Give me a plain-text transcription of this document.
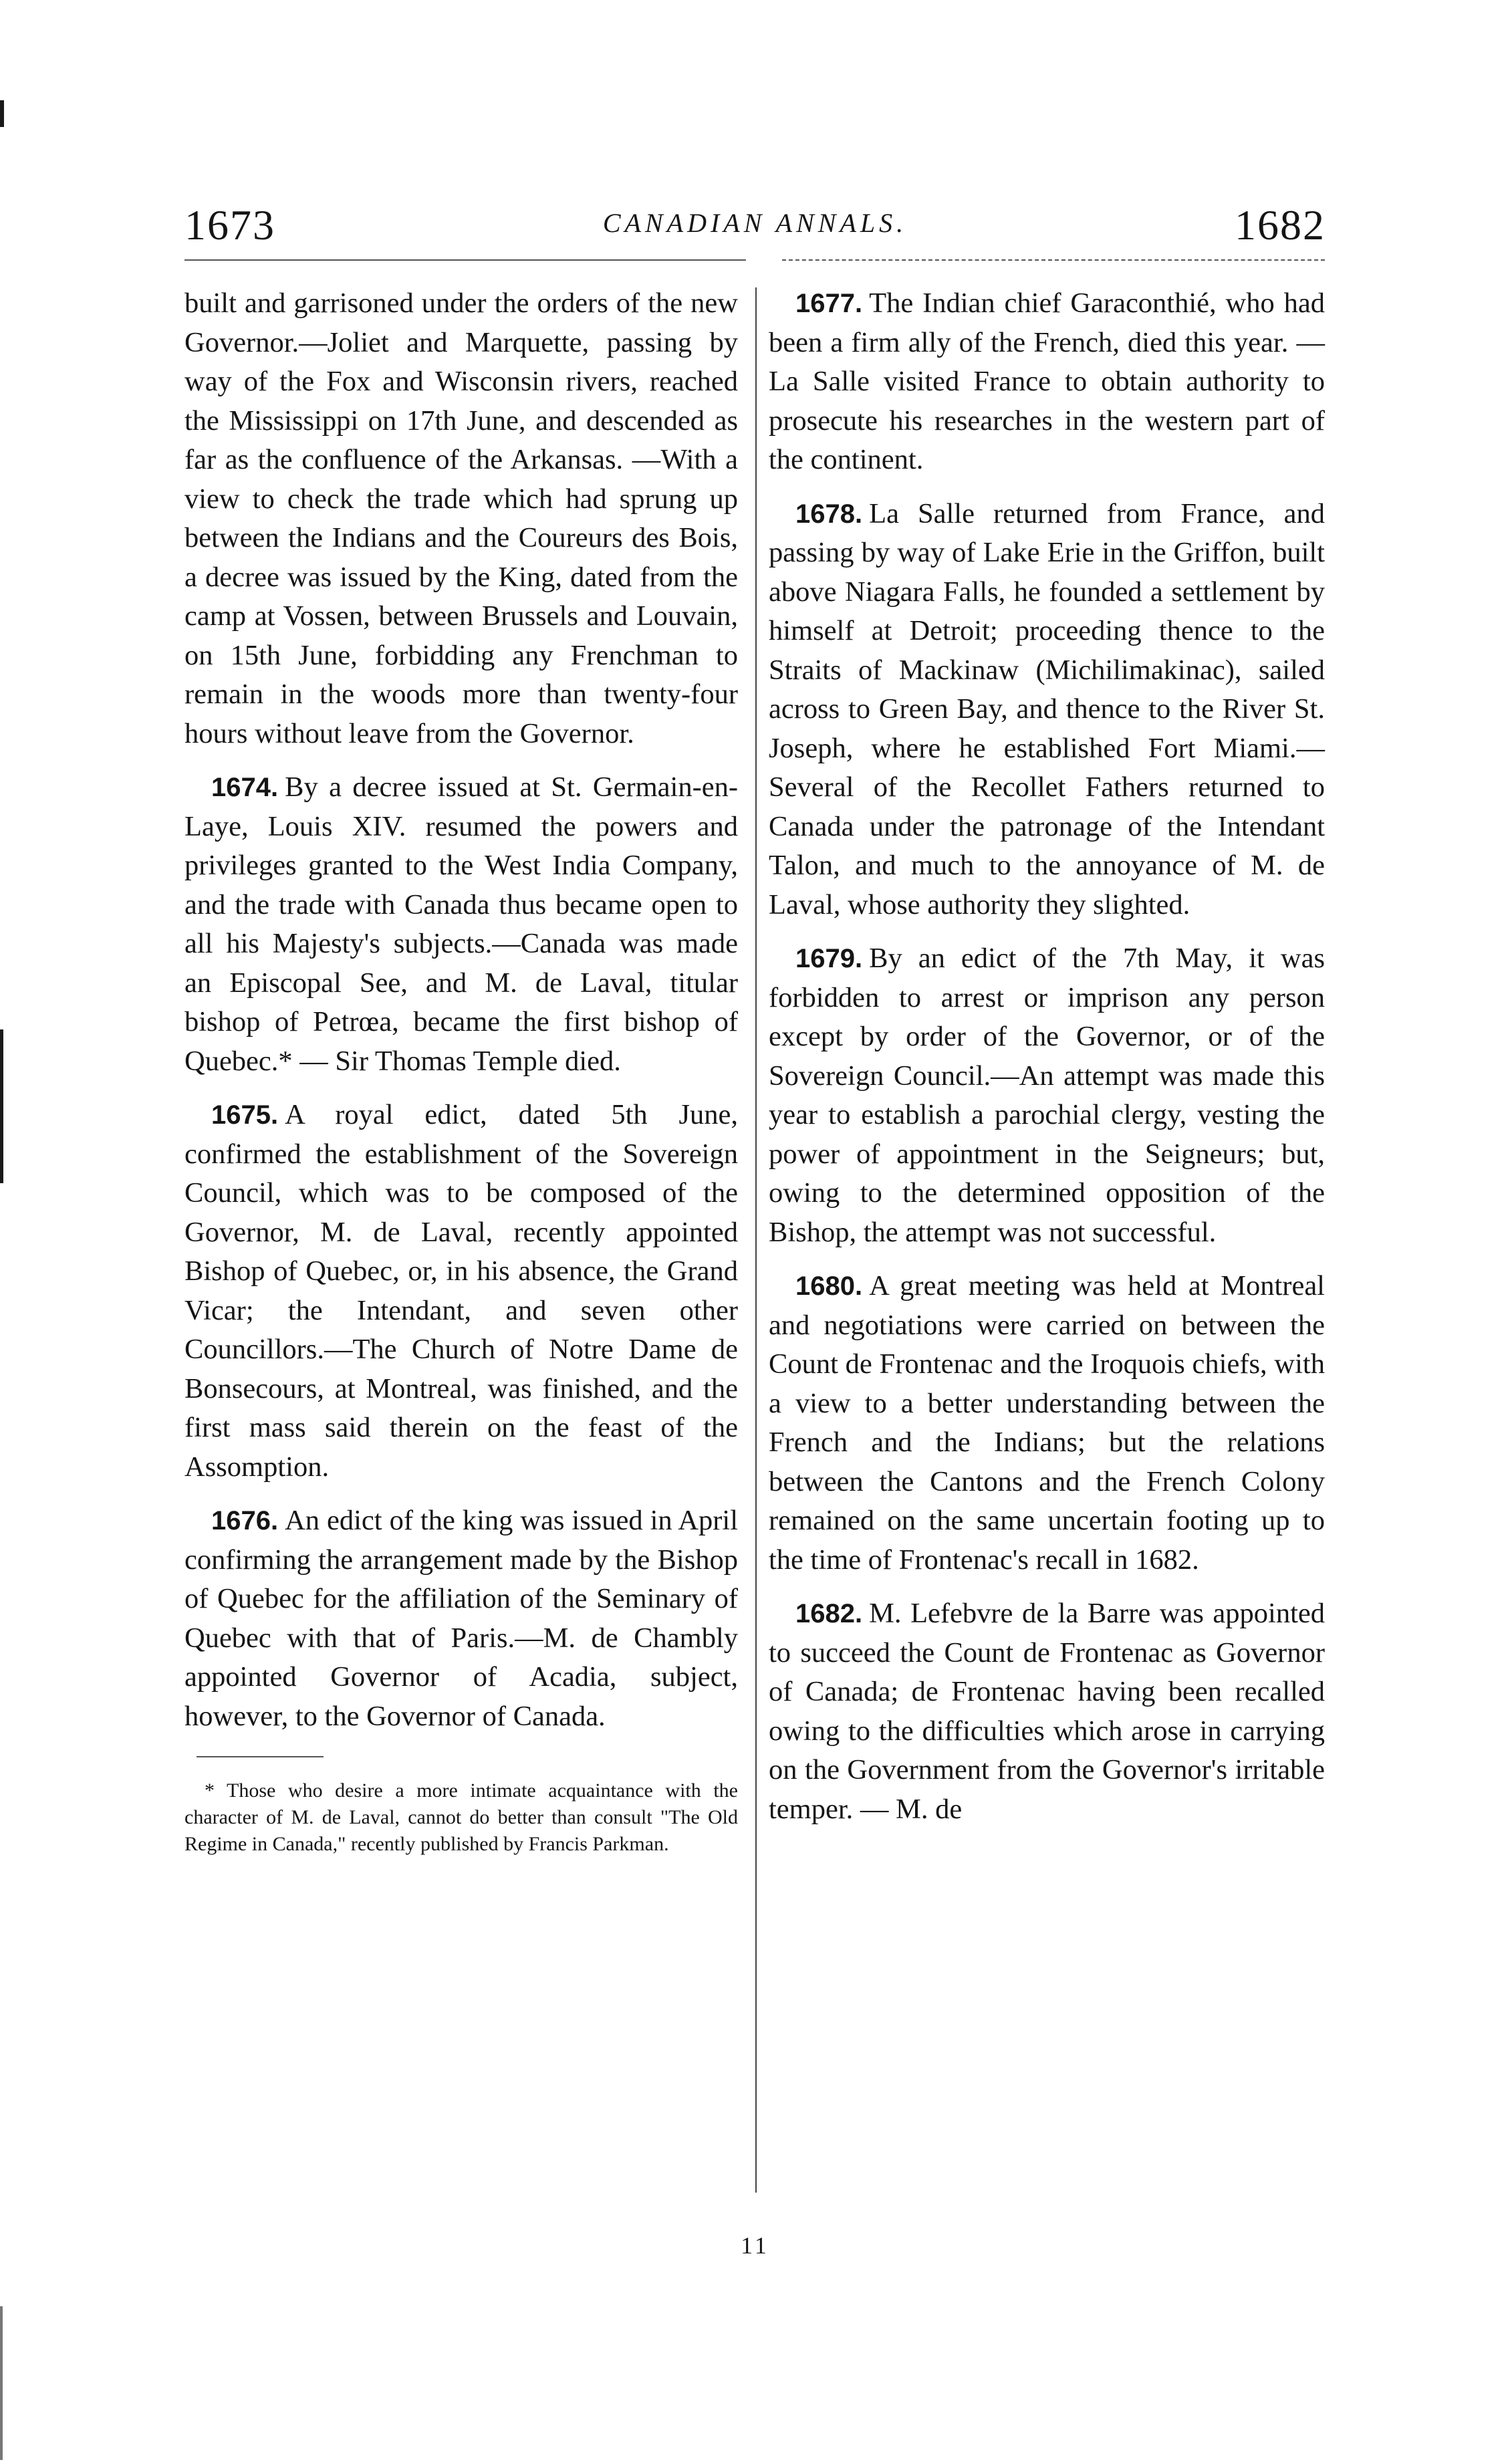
1673	CANADIAN ANNALS.	1682

built and garrisoned under the orders of the new Governor.—Joliet and Marquette, passing by way of the Fox and Wisconsin rivers, reached the Mississippi on 17th June, and descended as far as the confluence of the Arkansas. —With a view to check the trade which had sprung up between the Indians and the Coureurs des Bois, a decree was issued by the King, dated from the camp at Vossen, between Brussels and Louvain, on 15th June, forbidding any Frenchman to remain in the woods more than twenty-four hours without leave from the Governor.

1674. By a decree issued at St. Germain-en-Laye, Louis XIV. resumed the powers and privileges granted to the West India Company, and the trade with Canada thus became open to all his Majesty's subjects.—Canada was made an Episcopal See, and M. de Laval, titular bishop of Petrœa, became the first bishop of Quebec.* — Sir Thomas Temple died.

1675. A royal edict, dated 5th June, confirmed the establishment of the Sovereign Council, which was to be composed of the Governor, M. de Laval, recently appointed Bishop of Quebec, or, in his absence, the Grand Vicar; the Intendant, and seven other Councillors.—The Church of Notre Dame de Bonsecours, at Montreal, was finished, and the first mass said therein on the feast of the Assomption.

1676. An edict of the king was issued in April confirming the arrangement made by the Bishop of Quebec for the affiliation of the Seminary of Quebec with that of Paris.—M. de Chambly appointed Governor of Acadia, subject, however, to the Governor of Canada.

* Those who desire a more intimate acquaintance with the character of M. de Laval, cannot do better than consult "The Old Regime in Canada," recently published by Francis Parkman.

1677. The Indian chief Garaconthié, who had been a firm ally of the French, died this year. — La Salle visited France to obtain authority to prosecute his researches in the western part of the continent.

1678. La Salle returned from France, and passing by way of Lake Erie in the Griffon, built above Niagara Falls, he founded a settlement by himself at Detroit; proceeding thence to the Straits of Mackinaw (Michilimakinac), sailed across to Green Bay, and thence to the River St. Joseph, where he established Fort Miami.—Several of the Recollet Fathers returned to Canada under the patronage of the Intendant Talon, and much to the annoyance of M. de Laval, whose authority they slighted.

1679. By an edict of the 7th May, it was forbidden to arrest or imprison any person except by order of the Governor, or of the Sovereign Council.—An attempt was made this year to establish a parochial clergy, vesting the power of appointment in the Seigneurs; but, owing to the determined opposition of the Bishop, the attempt was not successful.

1680. A great meeting was held at Montreal and negotiations were carried on between the Count de Frontenac and the Iroquois chiefs, with a view to a better understanding between the French and the Indians; but the relations between the Cantons and the French Colony remained on the same uncertain footing up to the time of Frontenac's recall in 1682.

1682. M. Lefebvre de la Barre was appointed to succeed the Count de Frontenac as Governor of Canada; de Frontenac having been recalled owing to the difficulties which arose in carrying on the Government from the Governor's irritable temper. — M. de

11
